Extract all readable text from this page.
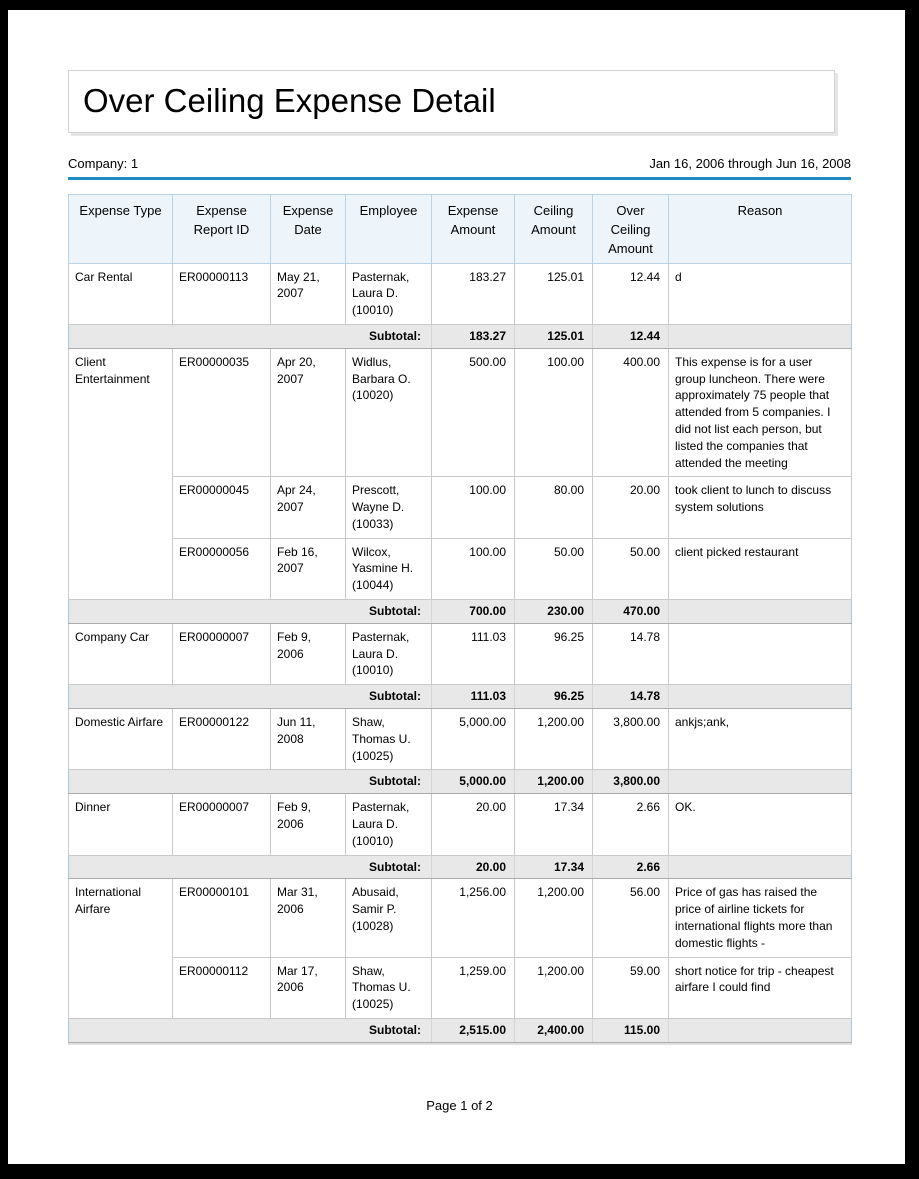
Over Ceiling Expense Detail
Company: 1	Jan 16, 2006 through Jun 16, 2008
Expense Type	Expense Report ID	Expense Date	Employee	Expense Amount	Ceiling Amount	Over Ceiling Amount	Reason
Car Rental	ER00000113	May 21, 2007	Pasternak, Laura D. (10010)	183.27	125.01	12.44	d
Subtotal:				183.27	125.01	12.44	
Client Entertainment	ER00000035	Apr 20, 2007	Widlus, Barbara O. (10020)	500.00	100.00	400.00	This expense is for a user group luncheon. There were approximately 75 people that attended from 5 companies. I did not list each person, but listed the companies that attended the meeting
	ER00000045	Apr 24, 2007	Prescott, Wayne D. (10033)	100.00	80.00	20.00	took client to lunch to discuss system solutions
	ER00000056	Feb 16, 2007	Wilcox, Yasmine H. (10044)	100.00	50.00	50.00	client picked restaurant
Subtotal:				700.00	230.00	470.00	
Company Car	ER00000007	Feb 9, 2006	Pasternak, Laura D. (10010)	111.03	96.25	14.78	
Subtotal:				111.03	96.25	14.78	
Domestic Airfare	ER00000122	Jun 11, 2008	Shaw, Thomas U. (10025)	5,000.00	1,200.00	3,800.00	ankjs;ank,
Subtotal:				5,000.00	1,200.00	3,800.00	
Dinner	ER00000007	Feb 9, 2006	Pasternak, Laura D. (10010)	20.00	17.34	2.66	OK.
Subtotal:				20.00	17.34	2.66	
International Airfare	ER00000101	Mar 31, 2006	Abusaid, Samir P. (10028)	1,256.00	1,200.00	56.00	Price of gas has raised the price of airline tickets for international flights more than domestic flights -
	ER00000112	Mar 17, 2006	Shaw, Thomas U. (10025)	1,259.00	1,200.00	59.00	short notice for trip - cheapest airfare I could find
Subtotal:				2,515.00	2,400.00	115.00	
Page 1 of 2
